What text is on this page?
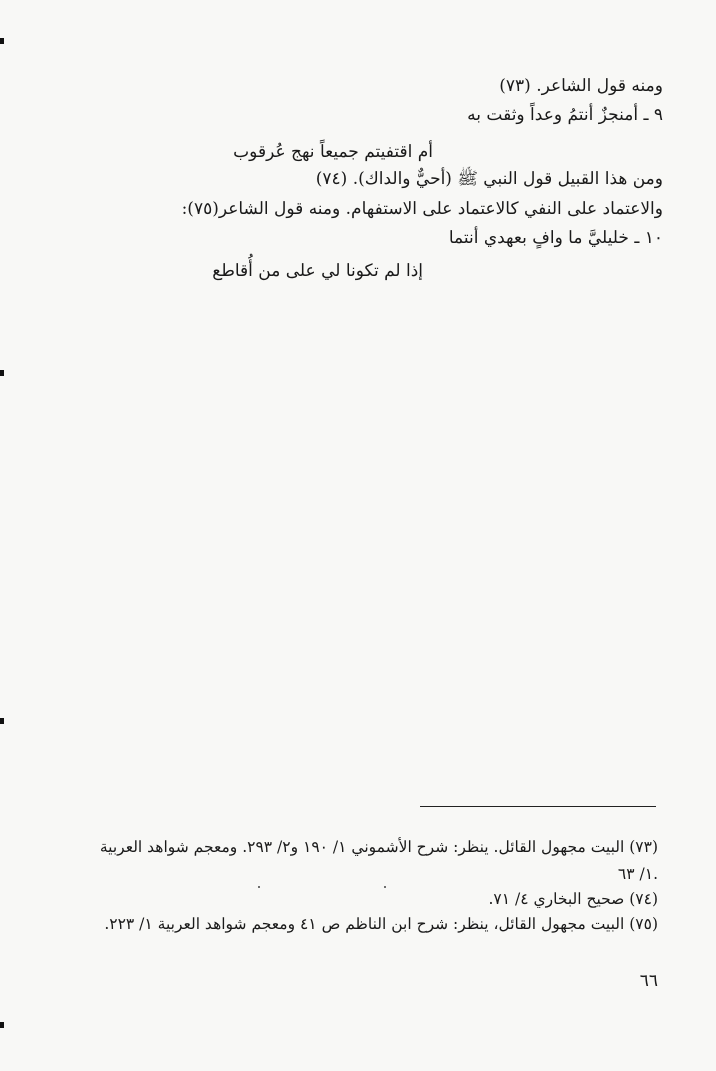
ومنه قول الشاعر. (٧٣)
٩ ـ أمنجزٌ أنتمُ وعداً وثقت به
أم اقتفيتم جميعاً نهج عُرقوب
ومن هذا القبيل قول النبي ﷺ (أحيٌّ والداك). (٧٤)
والاعتماد على النفي كالاعتماد على الاستفهام. ومنه قول الشاعر(٧٥):
١٠ ـ خليليَّ ما وافٍ بعهدي أنتما
إذا لم تكونا لي على من أُقاطع
(٧٣) البيت مجهول القائل. ينظر: شرح الأشموني ١/ ١٩٠ و٢/ ٢٩٣. ومعجم شواهد العربية
١/ ٦٣.
(٧٤) صحيح البخاري ٤/ ٧١.
(٧٥) البيت مجهول القائل، ينظر: شرح ابن الناظم ص ٤١ ومعجم شواهد العربية ١/ ٢٢٣.
٦٦
